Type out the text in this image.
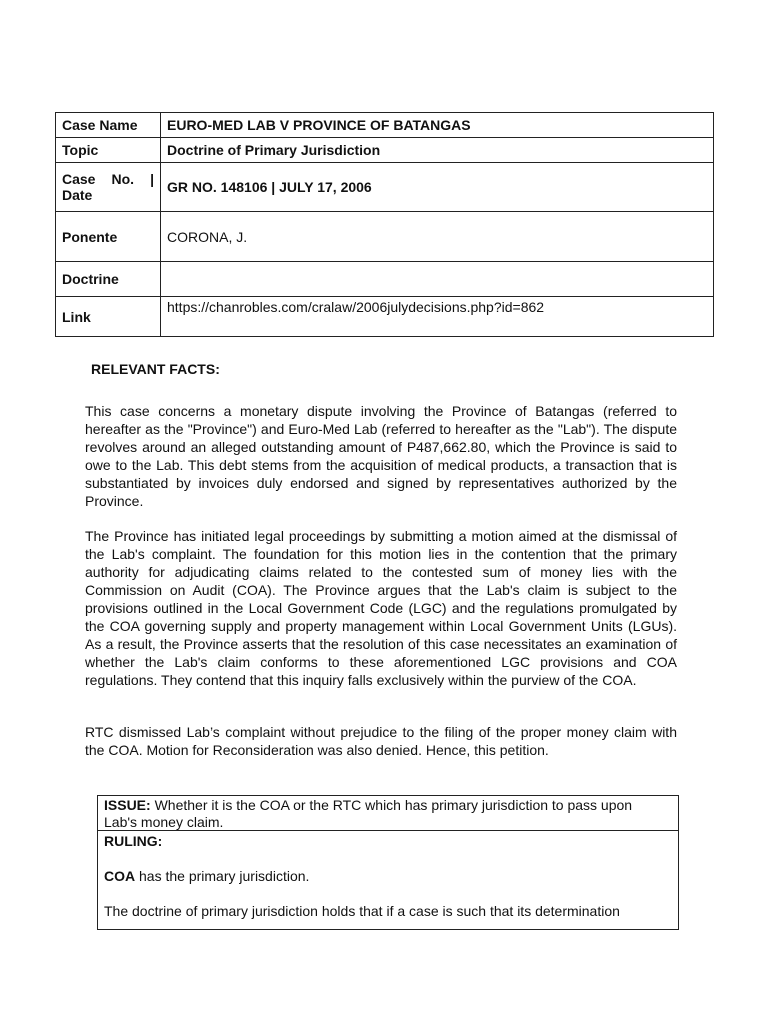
Case Name	EURO-MED LAB V PROVINCE OF BATANGAS
Topic	Doctrine of Primary Jurisdiction

Case No. |
Date	GR NO. 148106 | JULY 17, 2006
Ponente	CORONA, J.
Doctrine	
Link	https://chanrobles.com/cralaw/2006julydecisions.php?id=862
RELEVANT FACTS:

This case concerns a monetary dispute involving the Province of Batangas (referred to hereafter as the "Province") and Euro-Med Lab (referred to hereafter as the "Lab"). The dispute revolves around an alleged outstanding amount of P487,662.80, which the Province is said to owe to the Lab. This debt stems from the acquisition of medical products, a transaction that is substantiated by invoices duly endorsed and signed by representatives authorized by the Province.

The Province has initiated legal proceedings by submitting a motion aimed at the dismissal of the Lab's complaint. The foundation for this motion lies in the contention that the primary authority for adjudicating claims related to the contested sum of money lies with the Commission on Audit (COA). The Province argues that the Lab's claim is subject to the provisions outlined in the Local Government Code (LGC) and the regulations promulgated by the COA governing supply and property management within Local Government Units (LGUs). As a result, the Province asserts that the resolution of this case necessitates an examination of whether the Lab's claim conforms to these aforementioned LGC provisions and COA regulations. They contend that this inquiry falls exclusively within the purview of the COA.

RTC dismissed Lab’s complaint without prejudice to the filing of the proper money claim with the COA. Motion for Reconsideration was also denied. Hence, this petition.

ISSUE: Whether it is the COA or the RTC which has primary jurisdiction to pass upon Lab's money claim.
RULING:
COA has the primary jurisdiction.
The doctrine of primary jurisdiction holds that if a case is such that its determination
